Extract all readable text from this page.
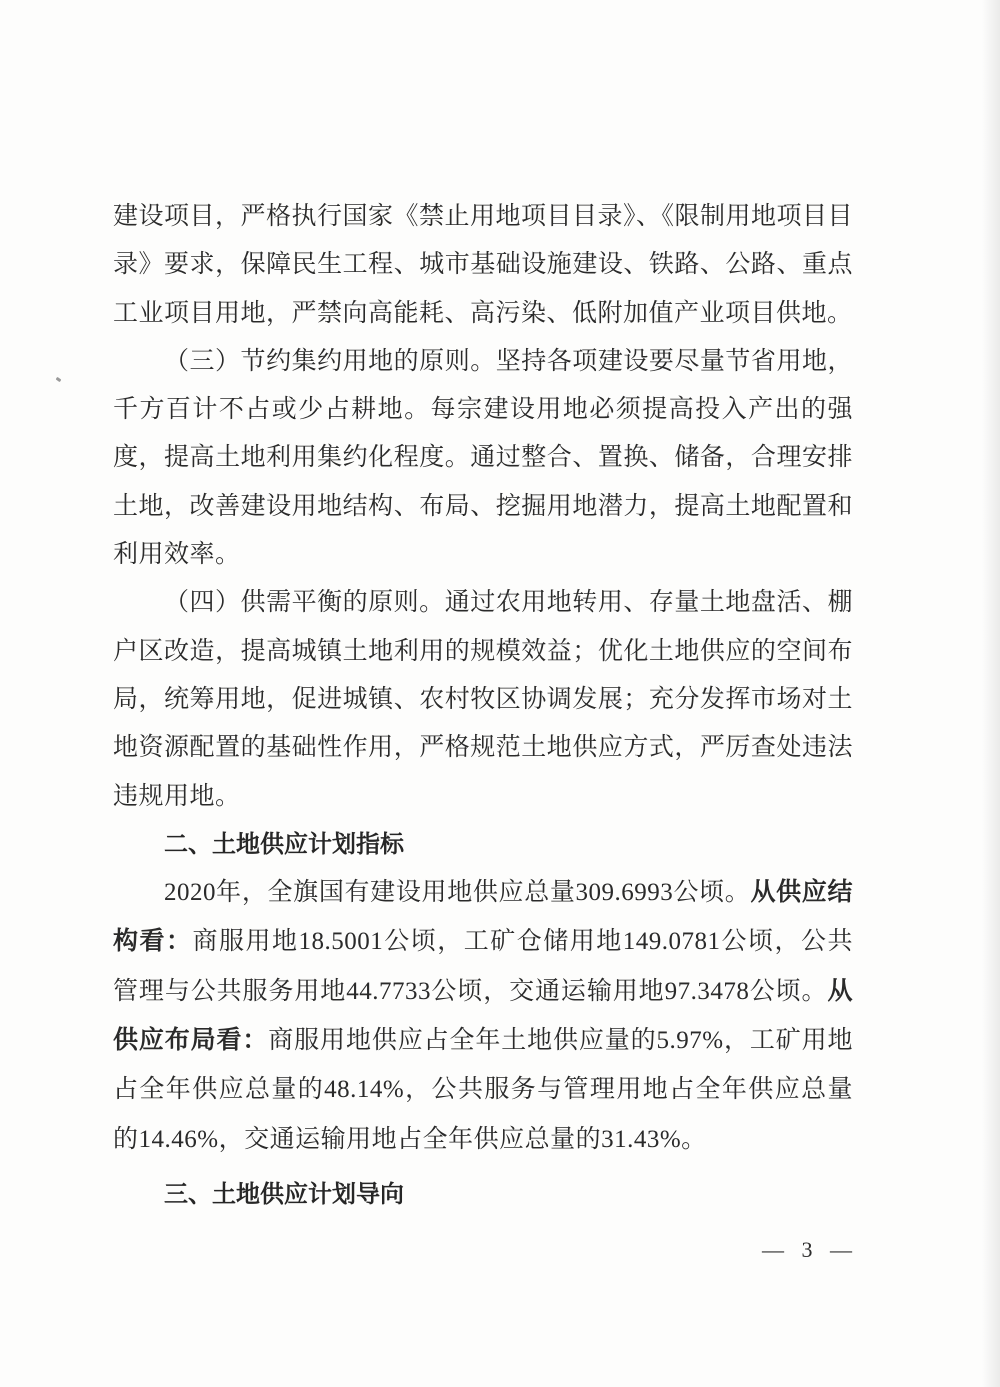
建设项目，严格执行国家《禁止用地项目目录》、《限制用地项目目录》要求，保障民生工程、城市基础设施建设、铁路、公路、重点工业项目用地，严禁向高能耗、高污染、低附加值产业项目供地。

（三）节约集约用地的原则。坚持各项建设要尽量节省用地，千方百计不占或少占耕地。每宗建设用地必须提高投入产出的强度，提高土地利用集约化程度。通过整合、置换、储备，合理安排土地，改善建设用地结构、布局、挖掘用地潜力，提高土地配置和利用效率。

（四）供需平衡的原则。通过农用地转用、存量土地盘活、棚户区改造，提高城镇土地利用的规模效益；优化土地供应的空间布局，统筹用地，促进城镇、农村牧区协调发展；充分发挥市场对土地资源配置的基础性作用，严格规范土地供应方式，严厉查处违法违规用地。

二、土地供应计划指标

2020年，全旗国有建设用地供应总量309.6993公顷。从供应结构看：商服用地18.5001公顷，工矿仓储用地149.0781公顷，公共管理与公共服务用地44.7733公顷，交通运输用地97.3478公顷。从供应布局看：商服用地供应占全年土地供应量的5.97%，工矿用地占全年供应总量的48.14%，公共服务与管理用地占全年供应总量的14.46%，交通运输用地占全年供应总量的31.43%。

三、土地供应计划导向
— 3 —
